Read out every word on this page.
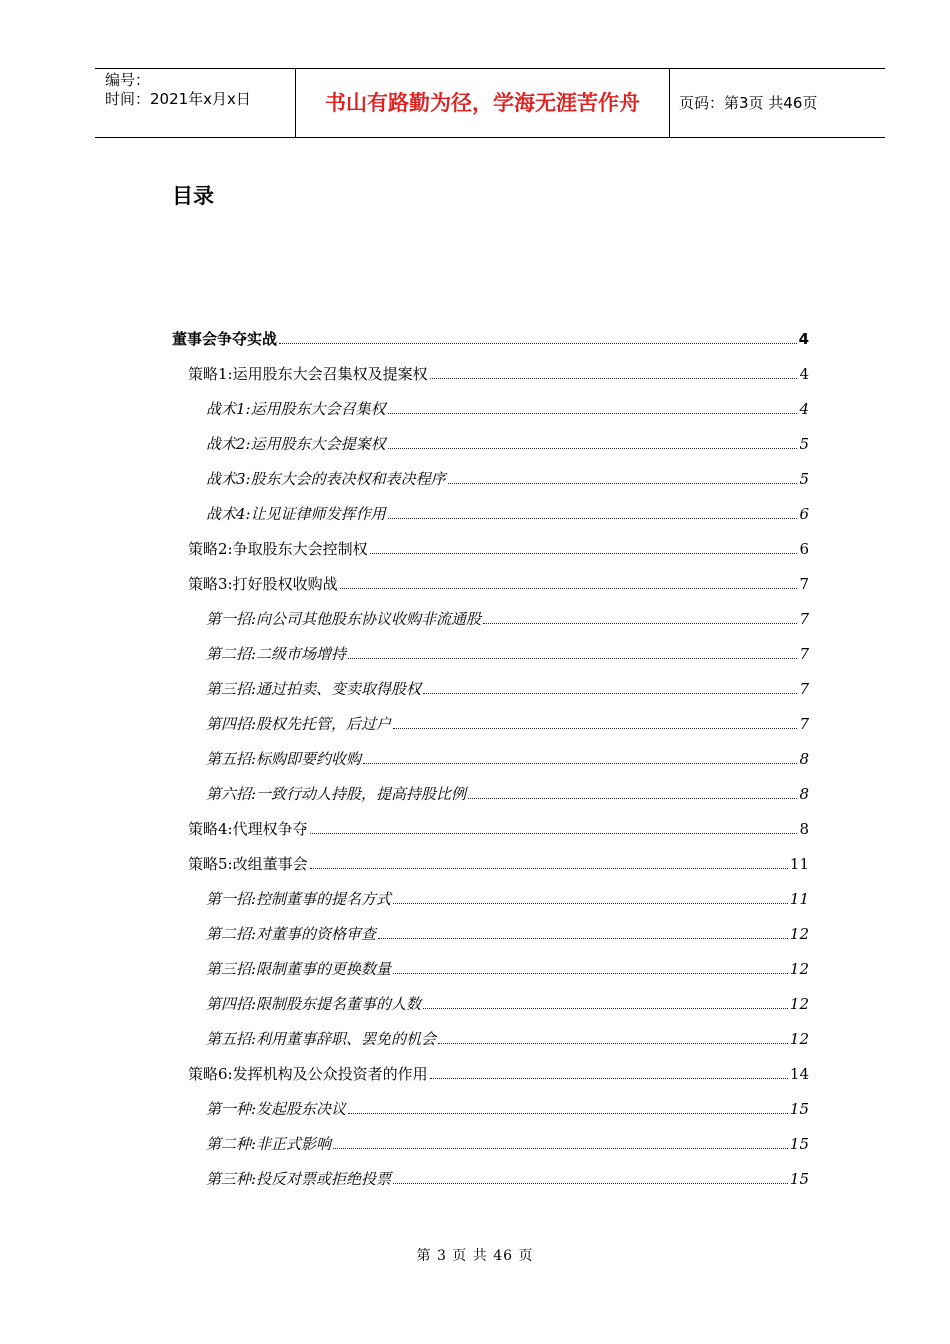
编号：
时间：2021年x月x日	书山有路勤为径，学海无涯苦作舟	页码：第3页 共46页
目录
董事会争夺实战	4
策略1:运用股东大会召集权及提案权	4
战术1:运用股东大会召集权	4
战术2:运用股东大会提案权	5
战术3:股东大会的表决权和表决程序	5
战术4:让见证律师发挥作用	6
策略2:争取股东大会控制权	6
策略3:打好股权收购战	7
第一招:向公司其他股东协议收购非流通股	7
第二招:二级市场增持	7
第三招:通过拍卖、变卖取得股权	7
第四招:股权先托管，后过户	7
第五招:标购即要约收购	8
第六招:一致行动人持股，提高持股比例	8
策略4:代理权争夺	8
策略5:改组董事会	11
第一招:控制董事的提名方式	11
第二招:对董事的资格审查	12
第三招:限制董事的更换数量	12
第四招:限制股东提名董事的人数	12
第五招:利用董事辞职、罢免的机会	12
策略6:发挥机构及公众投资者的作用	14
第一种:发起股东决议	15
第二种:非正式影响	15
第三种:投反对票或拒绝投票	15
第 3 页 共 46 页
